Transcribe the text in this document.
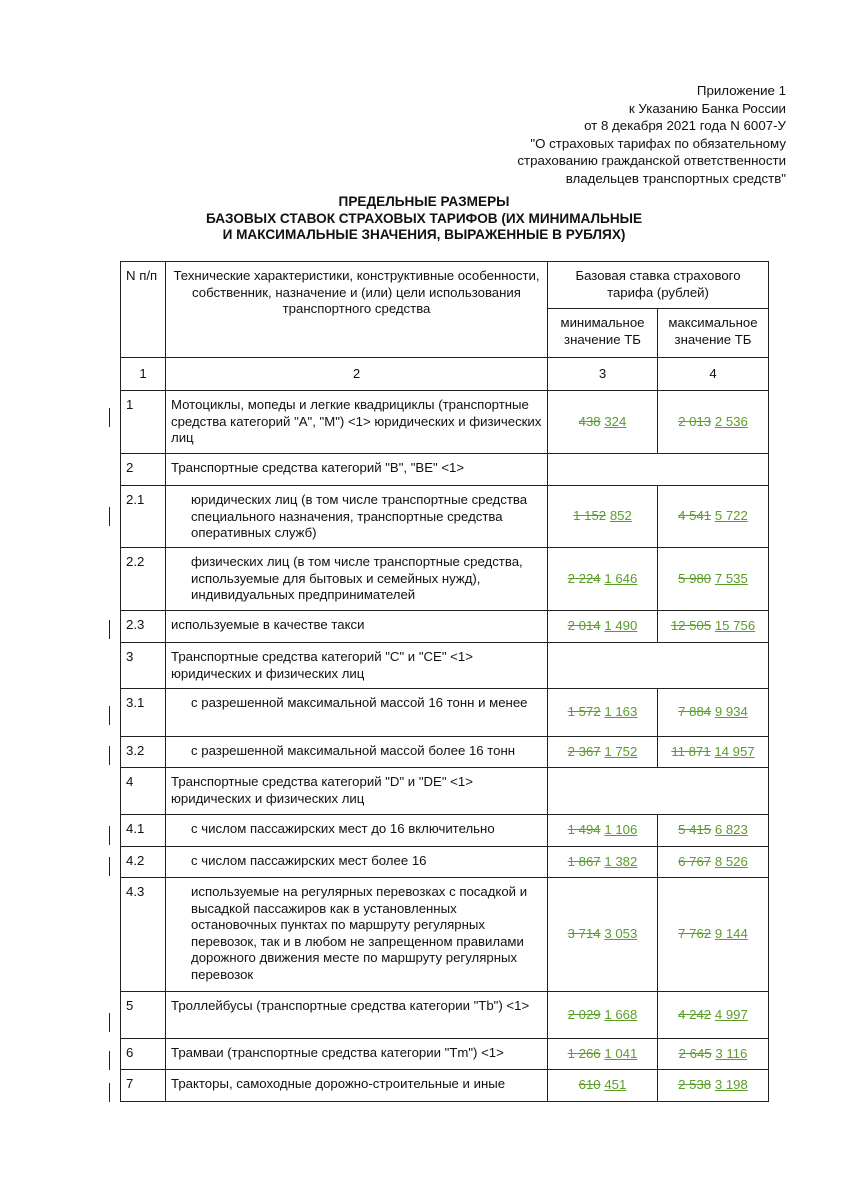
Приложение 1
к Указанию Банка России
от 8 декабря 2021 года N 6007-У
"О страховых тарифах по обязательному
страхованию гражданской ответственности
владельцев транспортных средств"
ПРЕДЕЛЬНЫЕ РАЗМЕРЫ
БАЗОВЫХ СТАВОК СТРАХОВЫХ ТАРИФОВ (ИХ МИНИМАЛЬНЫЕ
И МАКСИМАЛЬНЫЕ ЗНАЧЕНИЯ, ВЫРАЖЕННЫЕ В РУБЛЯХ)
N п/п	Технические характеристики, конструктивные особенности, собственник, назначение и (или) цели использования транспортного средства	Базовая ставка страхового тарифа (рублей)	
		минимальное значение ТБ	максимальное значение ТБ
1	2	3	4
1	Мотоциклы, мопеды и легкие квадрициклы (транспортные средства категорий "A", "M") <1> юридических и физических лиц	438 324	2 013 2 536
2	Транспортные средства категорий "B", "BE" <1>		
2.1	юридических лиц (в том числе транспортные средства специального назначения, транспортные средства оперативных служб)	1 152 852	4 541 5 722
2.2	физических лиц (в том числе транспортные средства, используемые для бытовых и семейных нужд), индивидуальных предпринимателей	2 224 1 646	5 980 7 535
2.3	используемые в качестве такси	2 014 1 490	12 505 15 756
3	Транспортные средства категорий "C" и "CE" <1> юридических и физических лиц		
3.1	с разрешенной максимальной массой 16 тонн и менее	1 572 1 163	7 884 9 934
3.2	с разрешенной максимальной массой более 16 тонн	2 367 1 752	11 871 14 957
4	Транспортные средства категорий "D" и "DE" <1> юридических и физических лиц		
4.1	с числом пассажирских мест до 16 включительно	1 494 1 106	5 415 6 823
4.2	с числом пассажирских мест более 16	1 867 1 382	6 767 8 526
4.3	используемые на регулярных перевозках с посадкой и высадкой пассажиров как в установленных остановочных пунктах по маршруту регулярных перевозок, так и в любом не запрещенном правилами дорожного движения месте по маршруту регулярных перевозок	3 714 3 053	7 762 9 144
5	Троллейбусы (транспортные средства категории "Tb") <1>	2 029 1 668	4 242 4 997
6	Трамваи (транспортные средства категории "Tm") <1>	1 266 1 041	2 645 3 116
7	Тракторы, самоходные дорожно-строительные и иные	610 451	2 538 3 198
